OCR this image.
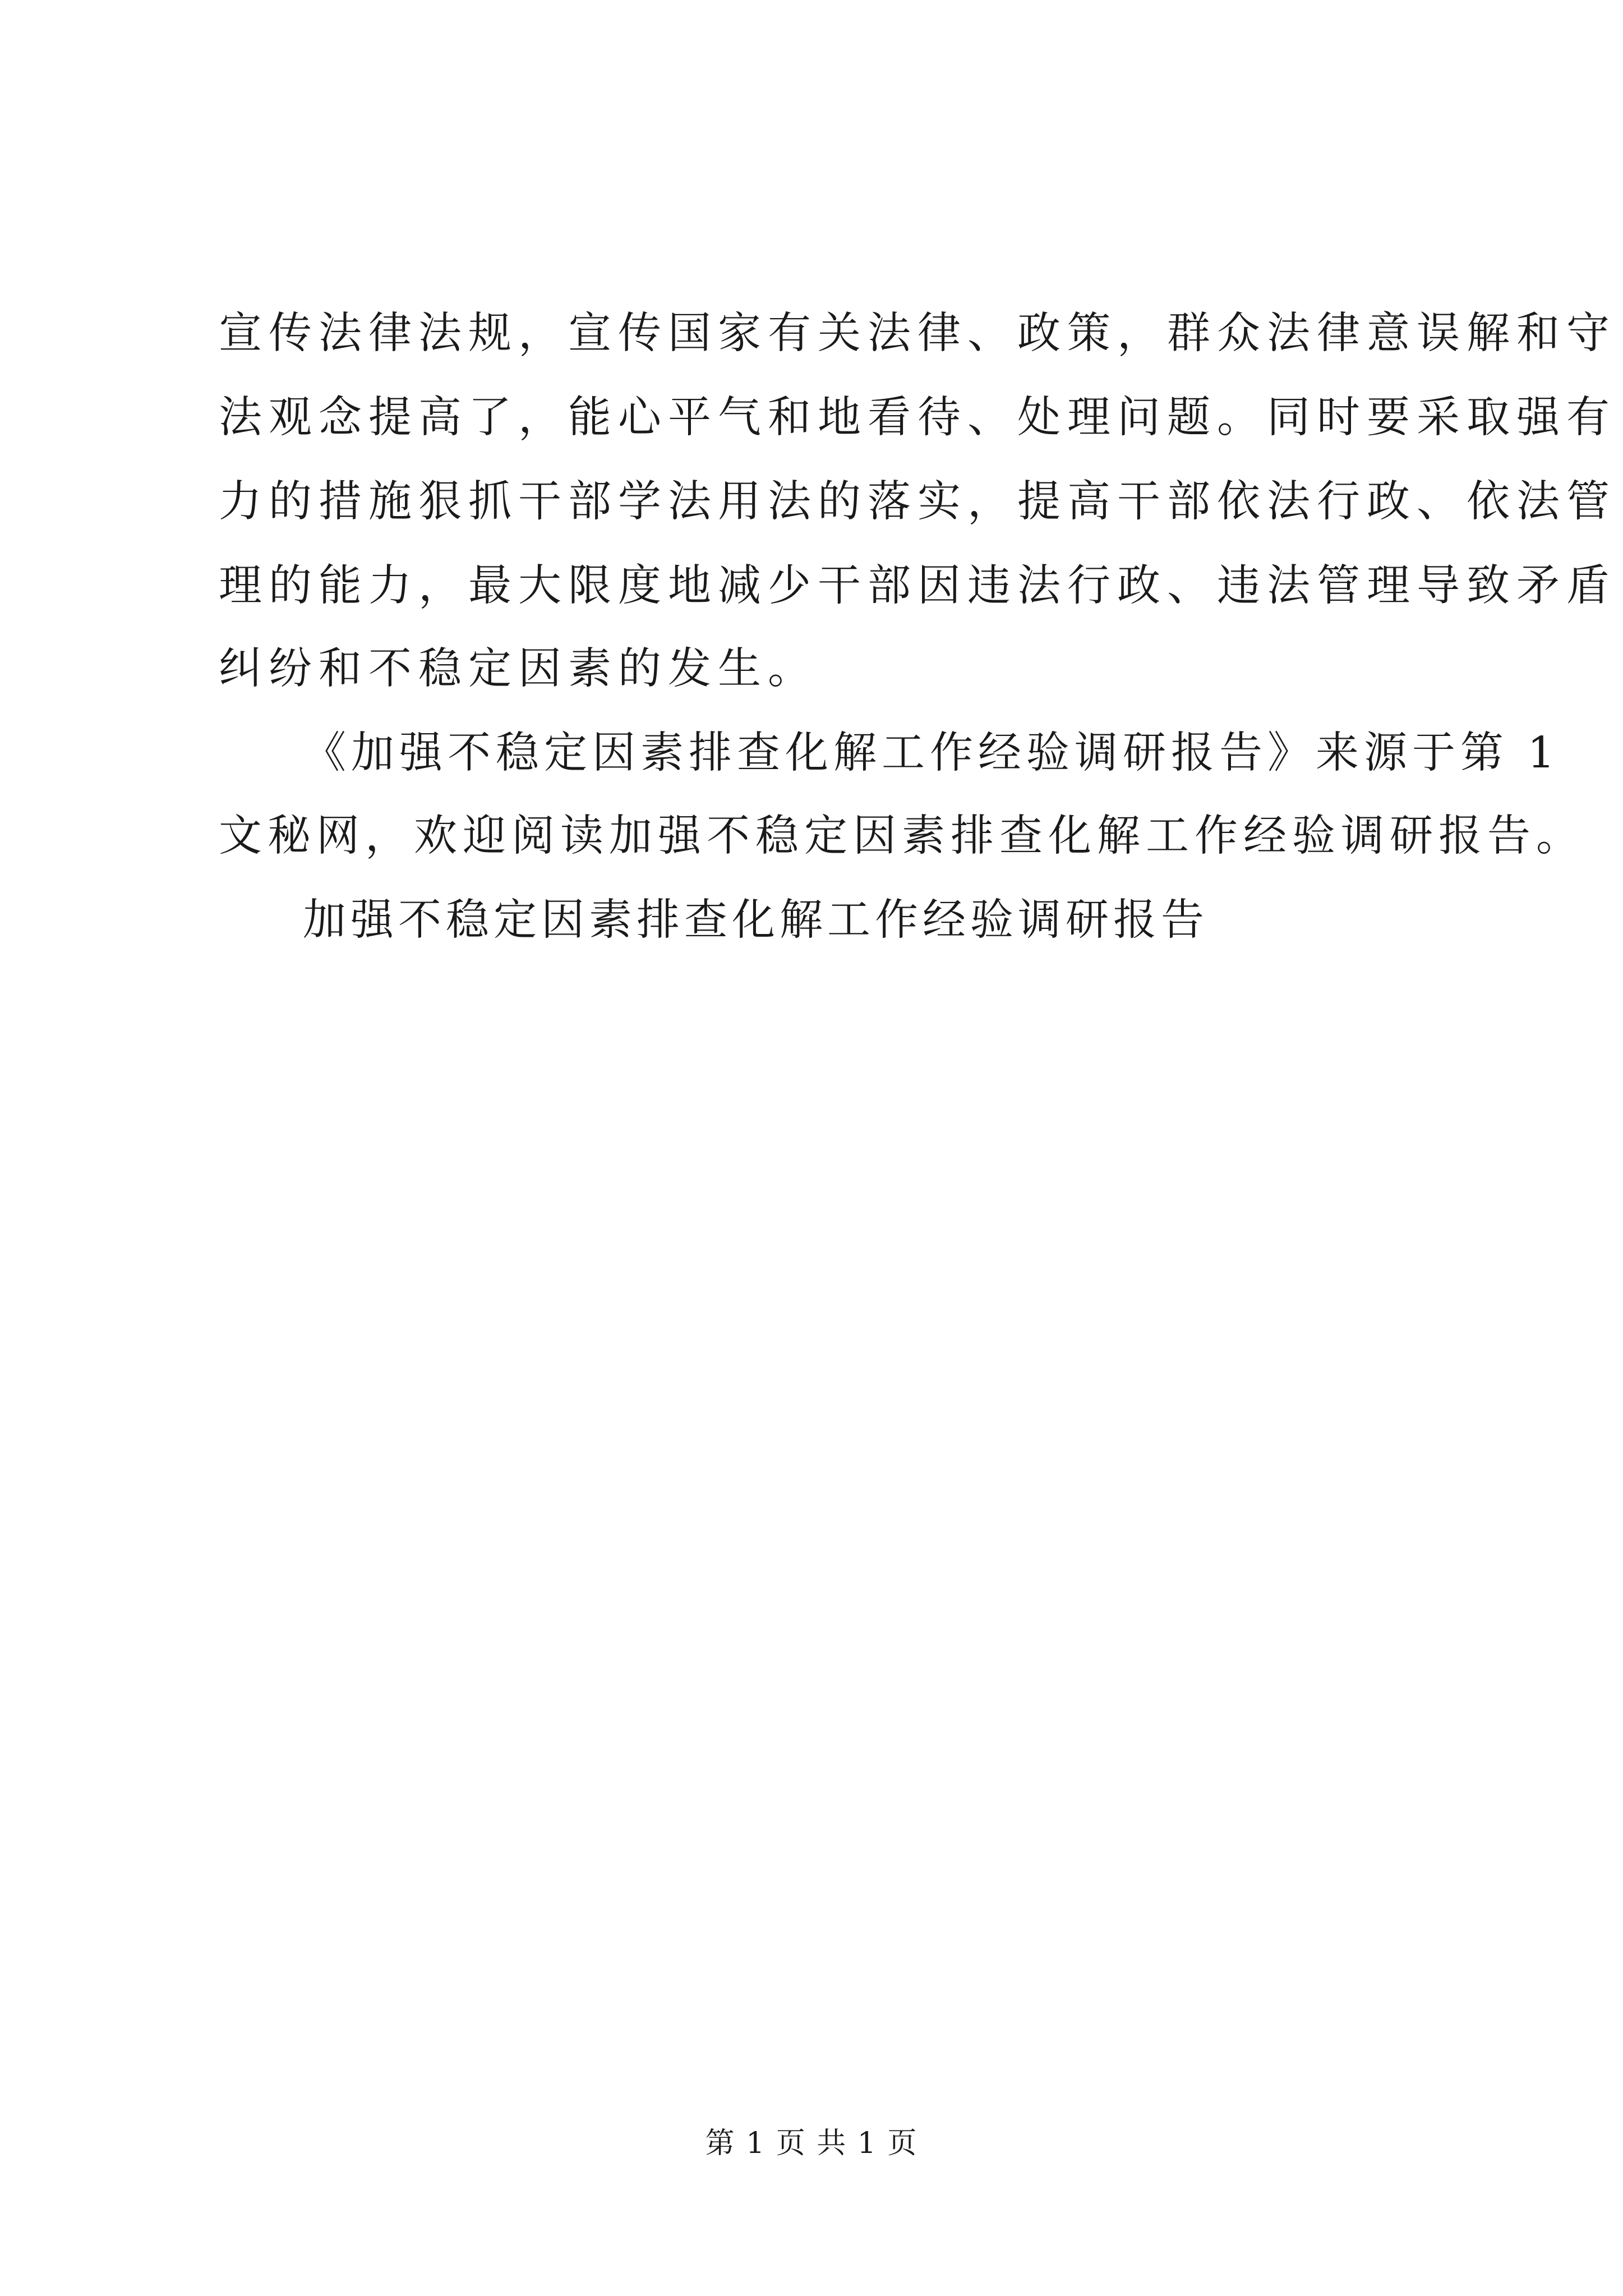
宣传法律法规，宣传国家有关法律、政策，群众法律意误解和守
法观念提高了，能心平气和地看待、处理问题。同时要采取强有
力的措施狠抓干部学法用法的落实，提高干部依法行政、依法管
理的能力，最大限度地减少干部因违法行政、违法管理导致矛盾
纠纷和不稳定因素的发生。
《加强不稳定因素排查化解工作经验调研报告》来源于第 1
文秘网，欢迎阅读加强不稳定因素排查化解工作经验调研报告。
加强不稳定因素排查化解工作经验调研报告
第 1 页 共 1 页
